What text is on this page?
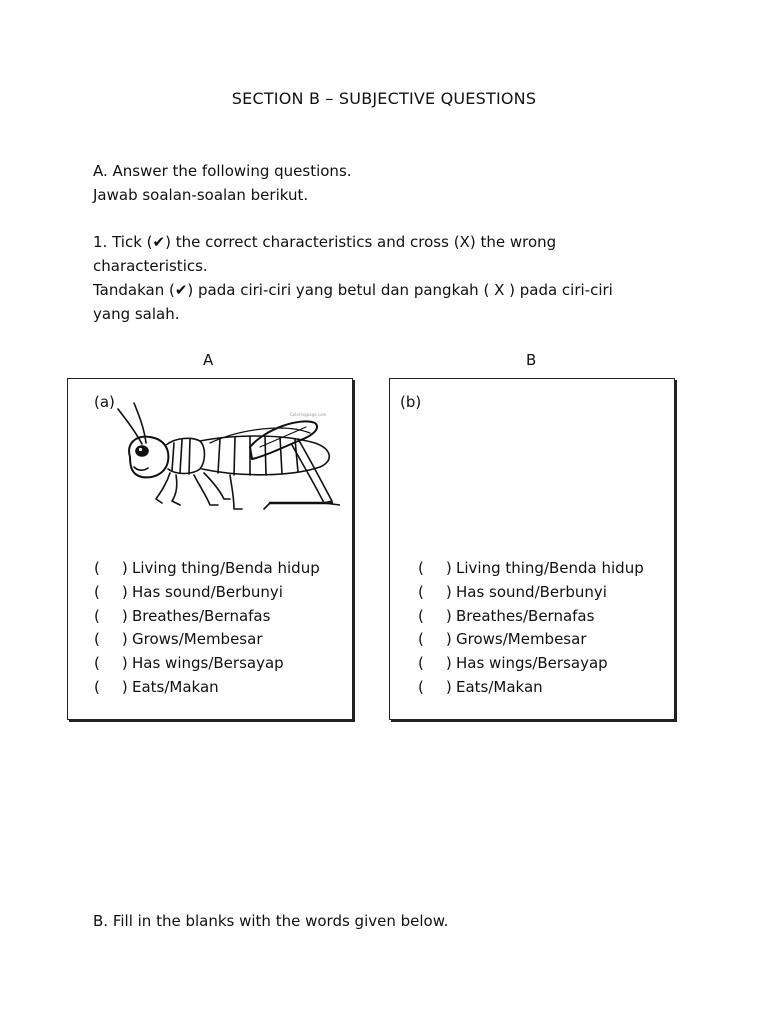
SECTION B – SUBJECTIVE QUESTIONS
A. Answer the following questions.
Jawab soalan-soalan berikut.
1. Tick (✔) the correct characteristics and cross (X) the wrong
characteristics.
Tandakan (✔) pada ciri-ciri yang betul dan pangkah ( X ) pada ciri-ciri
yang salah.
A	B
(a)
Coloringpage.com
( ) Living thing/Benda hidup
( ) Has sound/Berbunyi
( ) Breathes/Bernafas
( ) Grows/Membesar
( ) Has wings/Bersayap
( ) Eats/Makan
(b)
( ) Living thing/Benda hidup
( ) Has sound/Berbunyi
( ) Breathes/Bernafas
( ) Grows/Membesar
( ) Has wings/Bersayap
( ) Eats/Makan
B. Fill in the blanks with the words given below.
